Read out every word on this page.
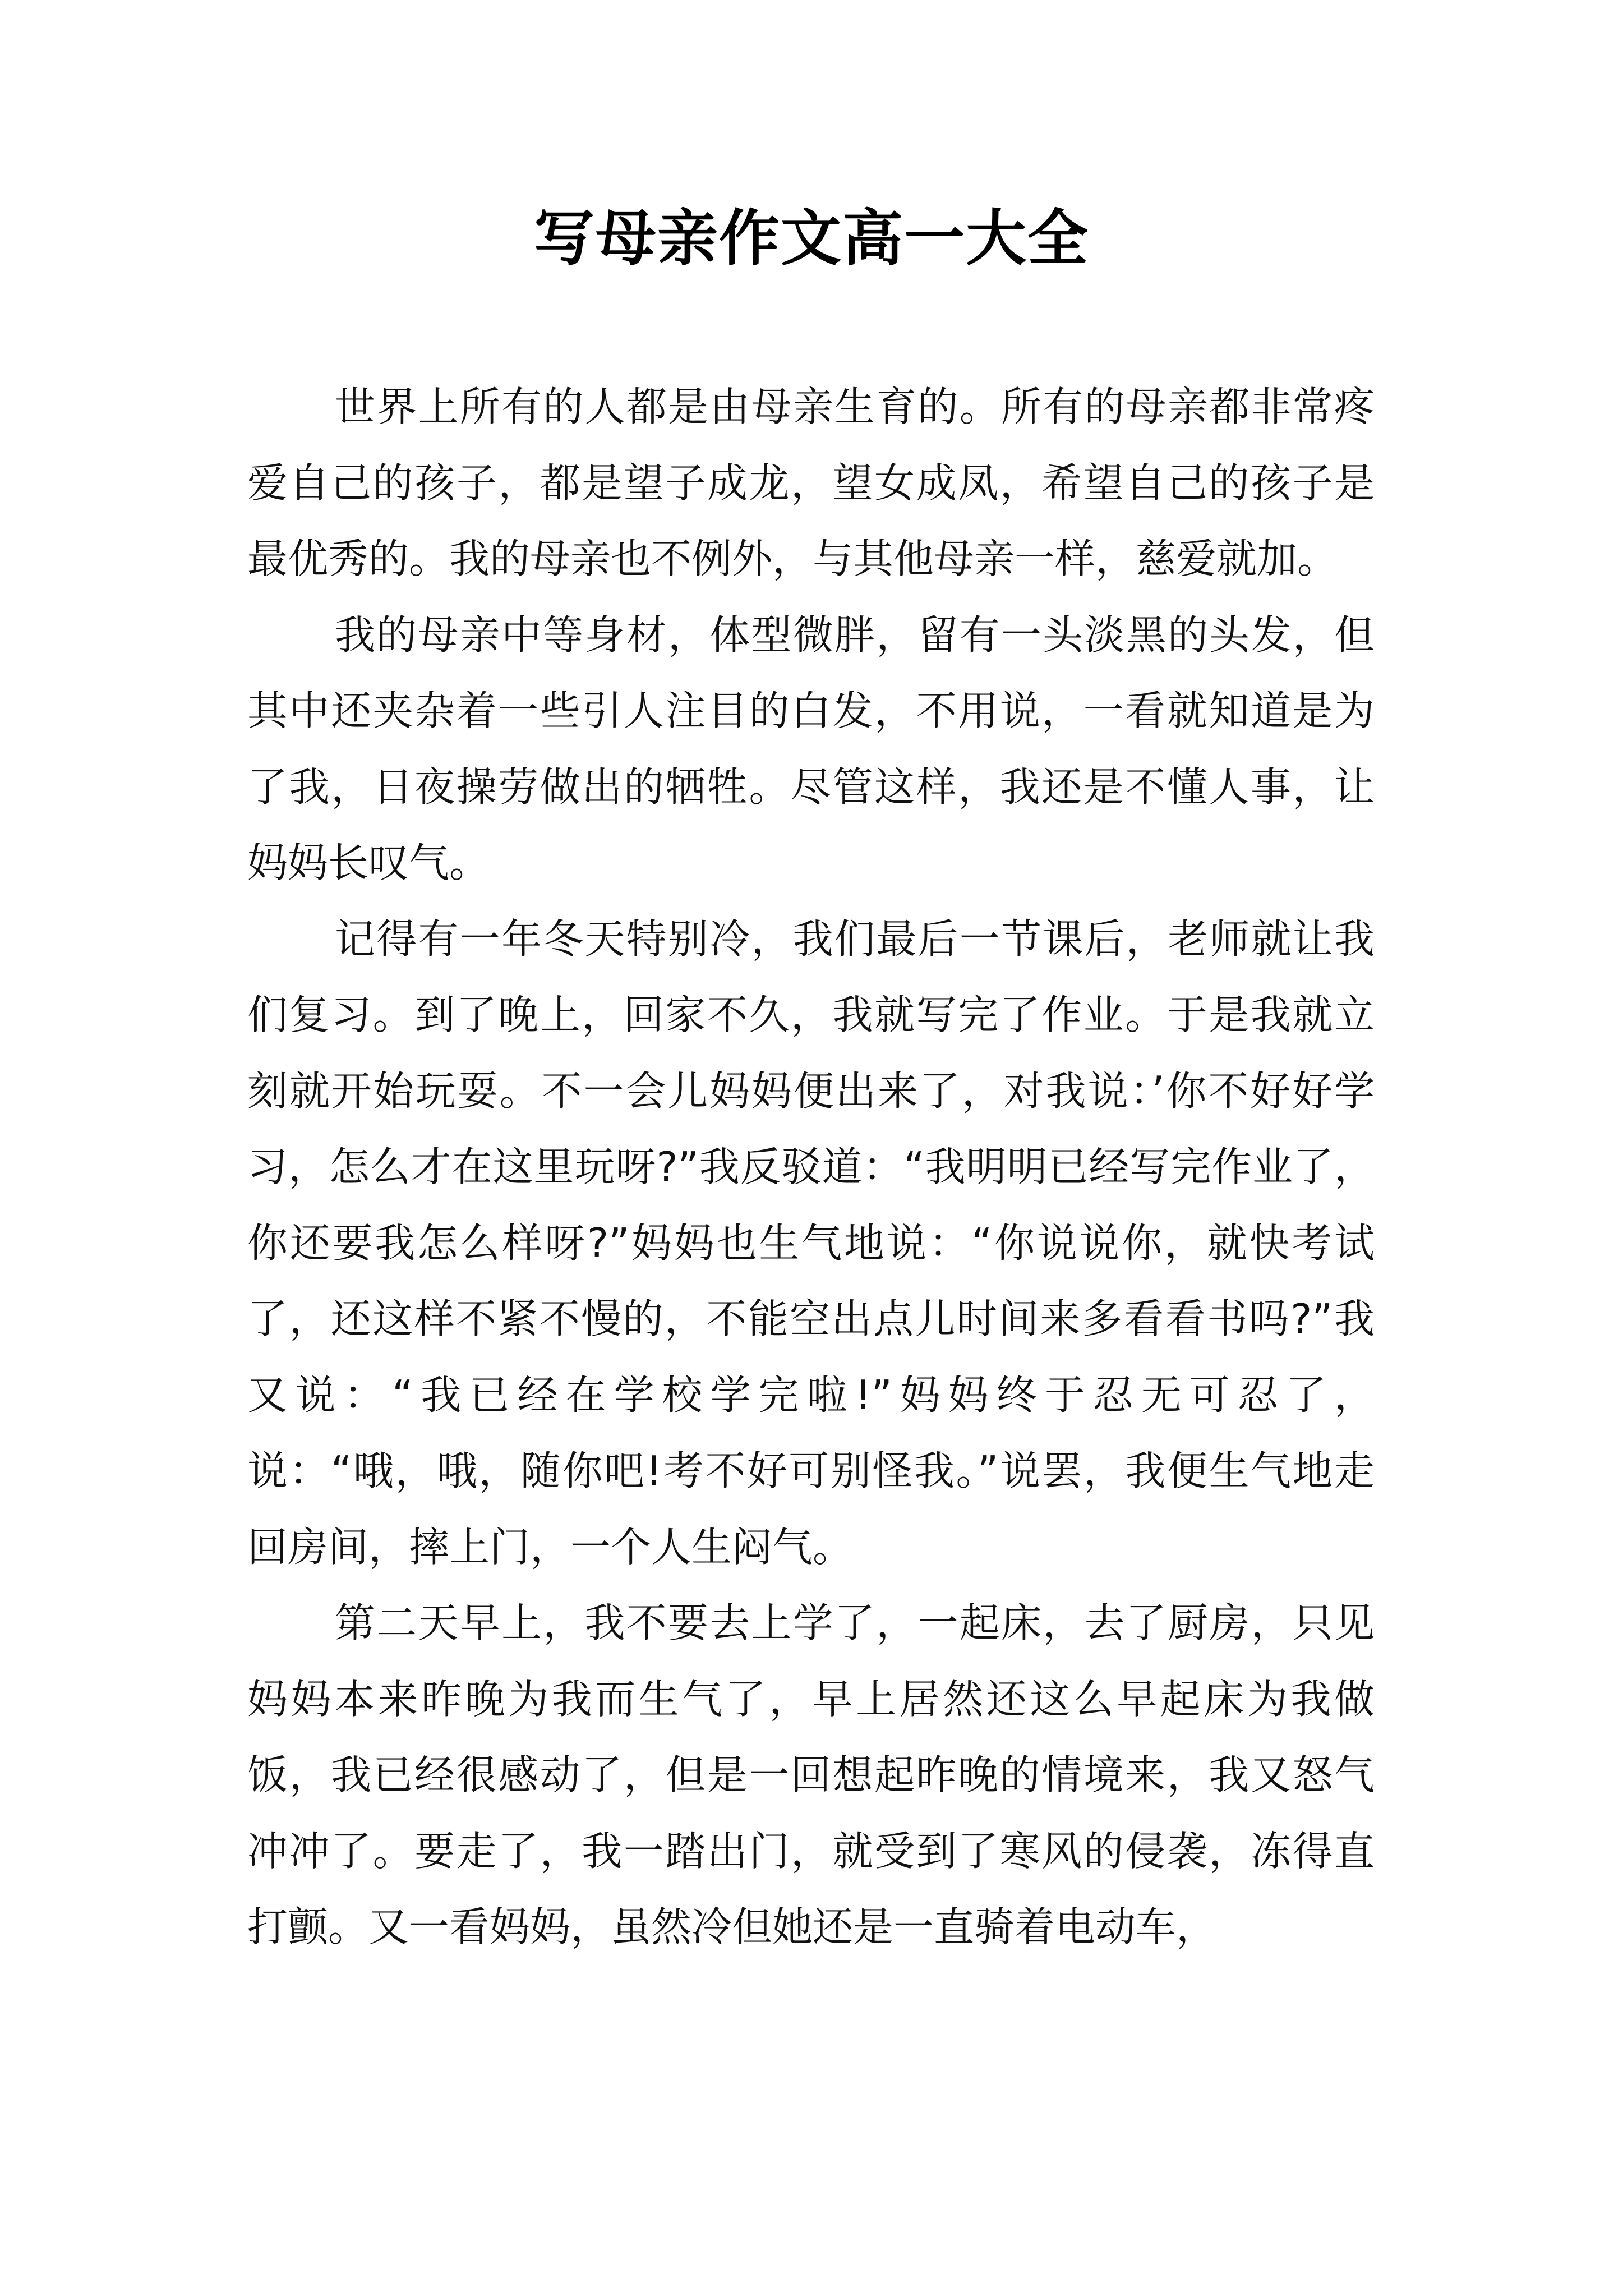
写母亲作文高一大全

世界上所有的人都是由母亲生育的。所有的母亲都非常疼爱自己的孩子，都是望子成龙，望女成凤，希望自己的孩子是最优秀的。我的母亲也不例外，与其他母亲一样，慈爱就加。

我的母亲中等身材，体型微胖，留有一头淡黑的头发，但其中还夹杂着一些引人注目的白发，不用说，一看就知道是为了我，日夜操劳做出的牺牲。尽管这样，我还是不懂人事，让妈妈长叹气。

记得有一年冬天特别冷，我们最后一节课后，老师就让我们复习。到了晚上，回家不久，我就写完了作业。于是我就立刻就开始玩耍。不一会儿妈妈便出来了，对我说：’你不好好学习，怎么才在这里玩呀?”我反驳道：“我明明已经写完作业了，你还要我怎么样呀?”妈妈也生气地说：“你说说你，就快考试了，还这样不紧不慢的，不能空出点儿时间来多看看书吗?”我又说：“我已经在学校学完啦!”妈妈终于忍无可忍了，说：“哦，哦，随你吧!考不好可别怪我。”说罢，我便生气地走回房间，摔上门，一个人生闷气。

第二天早上，我不要去上学了，一起床，去了厨房，只见妈妈本来昨晚为我而生气了，早上居然还这么早起床为我做饭，我已经很感动了，但是一回想起昨晚的情境来，我又怒气冲冲了。要走了，我一踏出门，就受到了寒风的侵袭，冻得直打颤。又一看妈妈，虽然冷但她还是一直骑着电动车，
